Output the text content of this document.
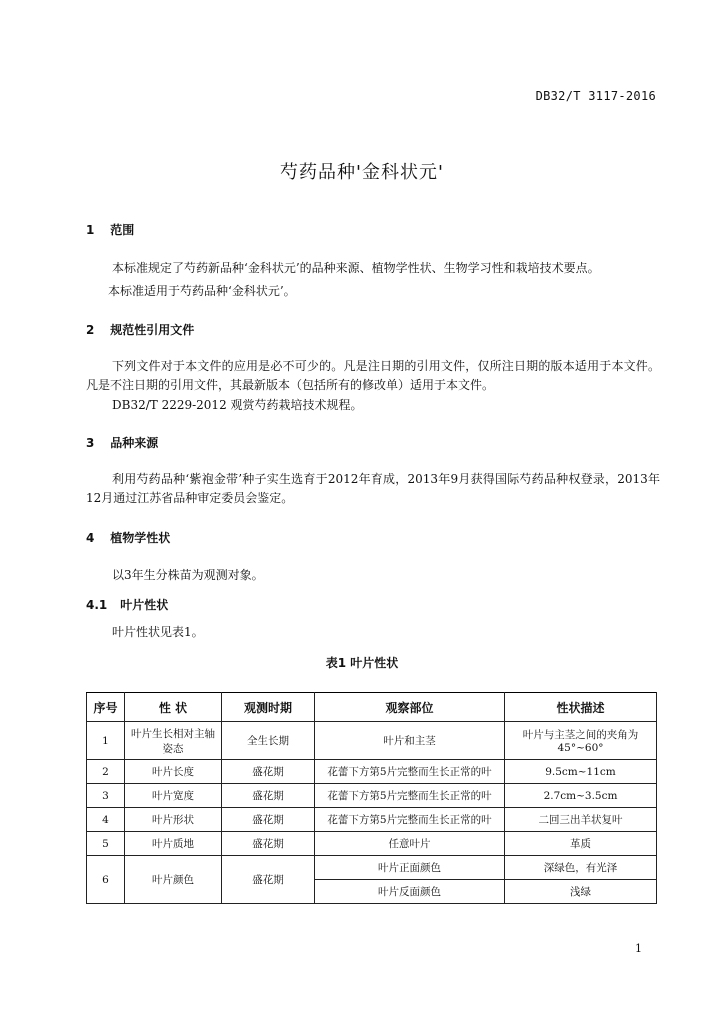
DB32/T 3117-2016
芍药品种'金科状元'
1 范围
本标准规定了芍药新品种‘金科状元’的品种来源、植物学性状、生物学习性和栽培技术要点。
本标准适用于芍药品种‘金科状元’。
2 规范性引用文件
下列文件对于本文件的应用是必不可少的。凡是注日期的引用文件，仅所注日期的版本适用于本文件。凡是不注日期的引用文件，其最新版本（包括所有的修改单）适用于本文件。
DB32/T 2229-2012 观赏芍药栽培技术规程。
3 品种来源
利用芍药品种‘紫袍金带’种子实生选育于2012年育成，2013年9月获得国际芍药品种权登录，2013年12月通过江苏省品种审定委员会鉴定。
4 植物学性状
以3年生分株苗为观测对象。
4.1 叶片性状
叶片性状见表1。
表1 叶片性状
序号	性 状	观测时期	观察部位	性状描述
1	叶片生长相对主轴姿态	全生长期	叶片和主茎	叶片与主茎之间的夹角为45°~60°
2	叶片长度	盛花期	花蕾下方第5片完整而生长正常的叶	9.5cm~11cm
3	叶片宽度	盛花期	花蕾下方第5片完整而生长正常的叶	2.7cm~3.5cm
4	叶片形状	盛花期	花蕾下方第5片完整而生长正常的叶	二回三出羊状复叶
5	叶片质地	盛花期	任意叶片	革质
6	叶片颜色	盛花期	叶片正面颜色	深绿色，有光泽
			叶片反面颜色	浅绿
1
